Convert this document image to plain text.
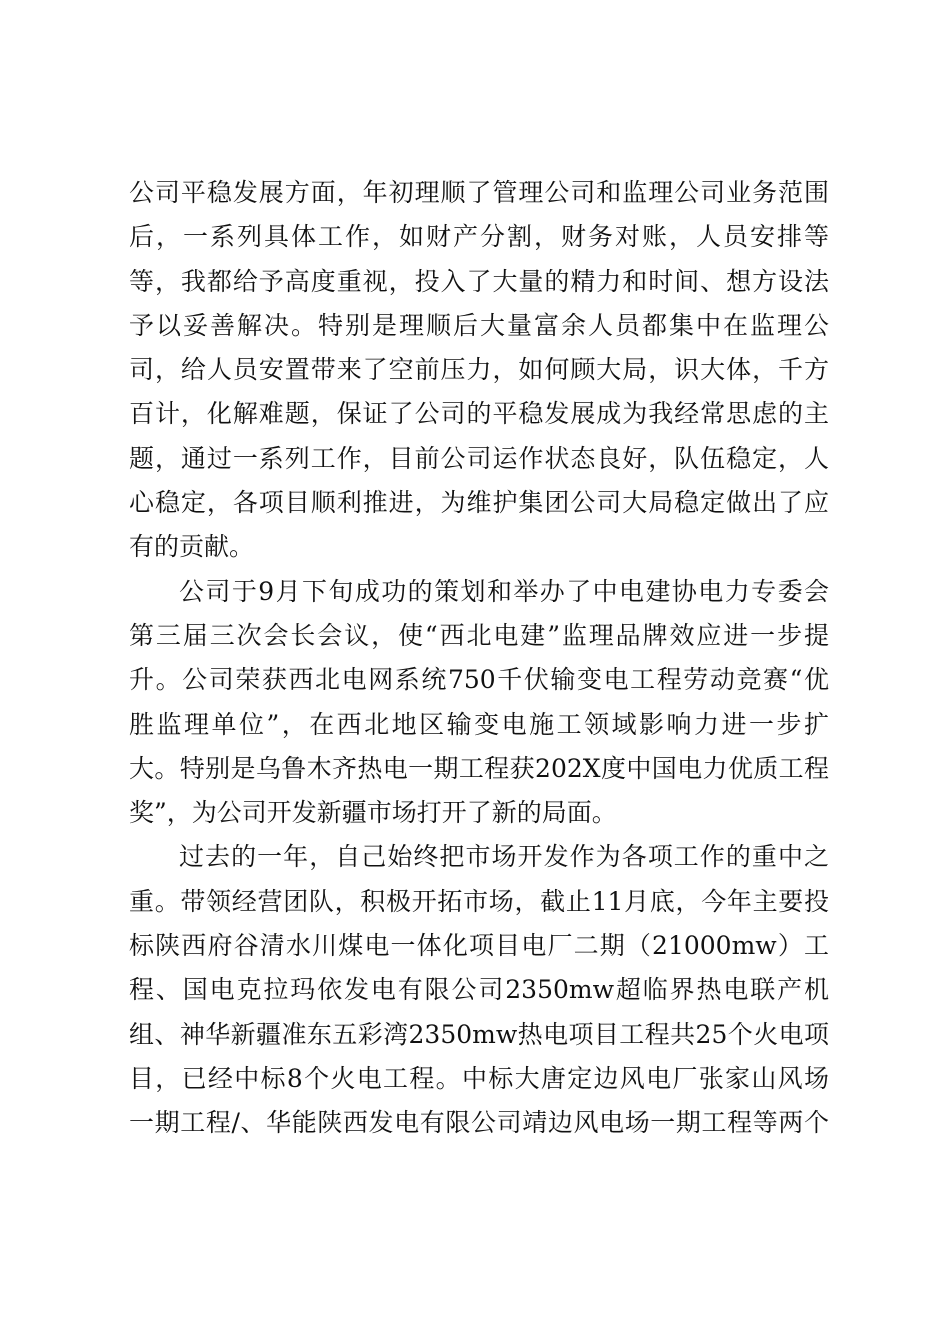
公司平稳发展方面，年初理顺了管理公司和监理公司业务范围
后，一系列具体工作，如财产分割，财务对账，人员安排等
等，我都给予高度重视，投入了大量的精力和时间、想方设法
予以妥善解决。特别是理顺后大量富余人员都集中在监理公
司，给人员安置带来了空前压力，如何顾大局，识大体，千方
百计，化解难题，保证了公司的平稳发展成为我经常思虑的主
题，通过一系列工作，目前公司运作状态良好，队伍稳定，人
心稳定，各项目顺利推进，为维护集团公司大局稳定做出了应
有的贡献。
公司于9月下旬成功的策划和举办了中电建协电力专委会
第三届三次会长会议，使“西北电建”监理品牌效应进一步提
升。公司荣获西北电网系统750千伏输变电工程劳动竞赛“优
胜监理单位”，在西北地区输变电施工领域影响力进一步扩
大。特别是乌鲁木齐热电一期工程获202X度中国电力优质工程
奖”，为公司开发新疆市场打开了新的局面。
过去的一年，自己始终把市场开发作为各项工作的重中之
重。带领经营团队，积极开拓市场，截止11月底，今年主要投
标陕西府谷清水川煤电一体化项目电厂二期（21000mw）工
程、国电克拉玛依发电有限公司2350mw超临界热电联产机
组、神华新疆准东五彩湾2350mw热电项目工程共25个火电项
目，已经中标8个火电工程。中标大唐定边风电厂张家山风场
一期工程/、华能陕西发电有限公司靖边风电场一期工程等两个
